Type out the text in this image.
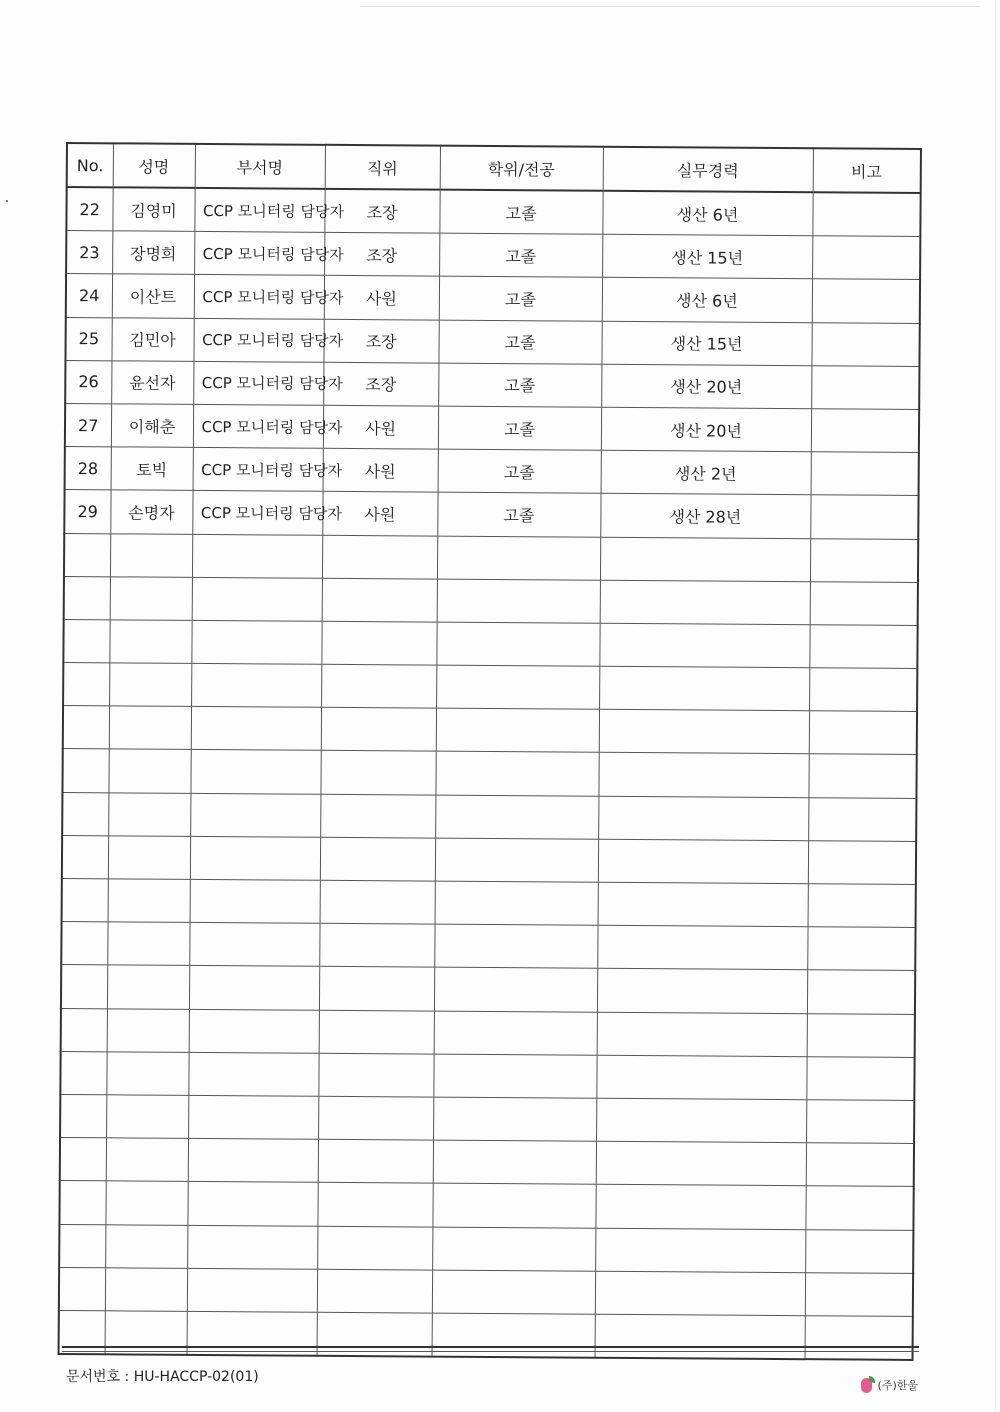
No.	성명	부서명	직위	학위/전공	실무경력	비고
22	김영미	CCP 모니터링 담당자	조장	고졸	생산 6년	
23	장명희	CCP 모니터링 담당자	조장	고졸	생산 15년	
24	이산트	CCP 모니터링 담당자	사원	고졸	생산 6년	
25	김민아	CCP 모니터링 담당자	조장	고졸	생산 15년	
26	윤선자	CCP 모니터링 담당자	조장	고졸	생산 20년	
27	이해춘	CCP 모니터링 담당자	사원	고졸	생산 20년	
28	토빅	CCP 모니터링 담당자	사원	고졸	생산 2년	
29	손명자	CCP 모니터링 담당자	사원	고졸	생산 28년	

문서번호 : HU-HACCP-02(01)	(주)한울
